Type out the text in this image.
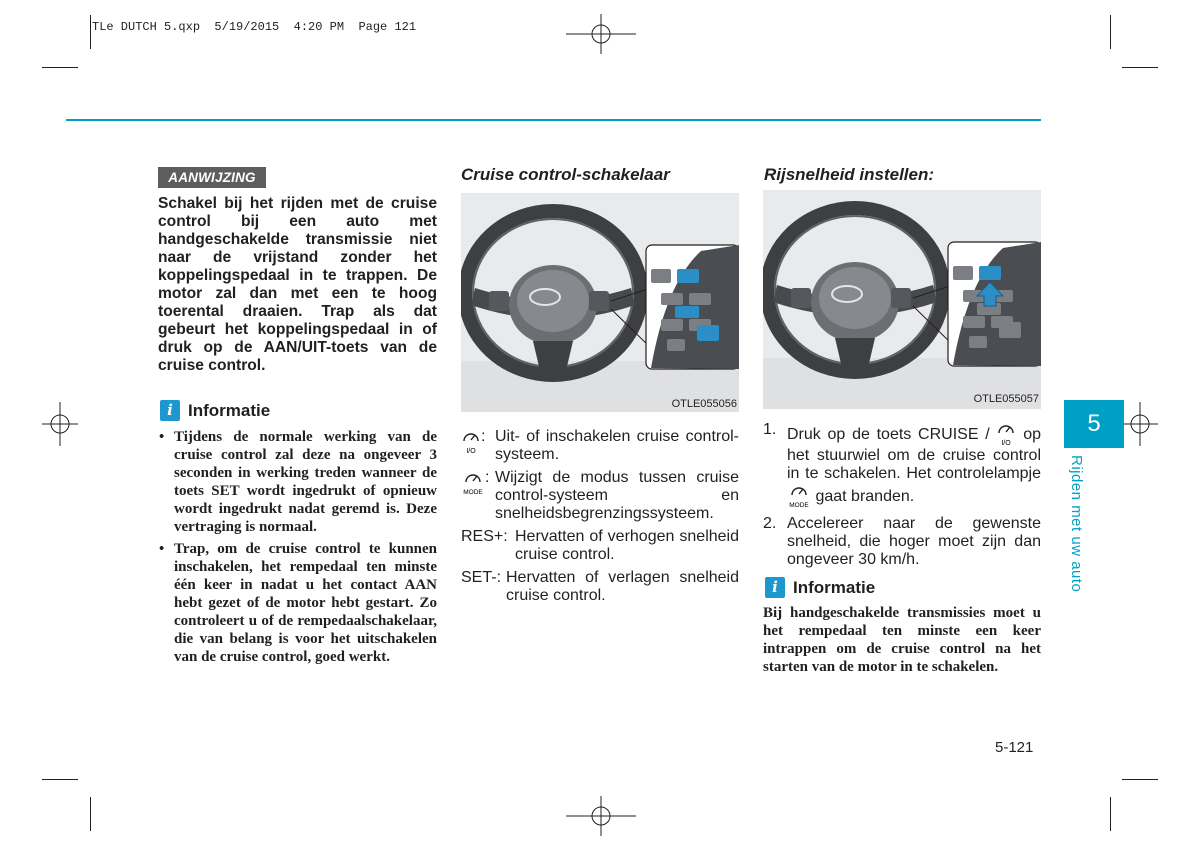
TLe DUTCH 5.qxp  5/19/2015  4:20 PM  Page 121
AANWIJZING
Schakel bij het rijden met de cruise control bij een auto met handgeschakelde transmissie niet naar de vrijstand zonder het koppelingspedaal in te trappen. De motor zal dan met een te hoog toerental draaien. Trap als dat gebeurt het koppelingspedaal in of druk op de AAN/UIT-toets van de cruise control.
i Informatie
• Tijdens de normale werking van de cruise control zal deze na ongeveer 3 seconden in werking treden wanneer de toets SET wordt ingedrukt of opnieuw wordt ingedrukt nadat geremd is. Deze vertraging is normaal.
• Trap, om de cruise control te kunnen inschakelen, het rempedaal ten minste één keer in nadat u het contact AAN hebt gezet of de motor hebt gestart. Zo controleert u of de rempedaalschakelaar, die van belang is voor het uitschakelen van de cruise control, goed werkt.
Cruise control-schakelaar
OTLE055056
I/O
: Uit- of inschakelen cruise control-systeem.
MODE
: Wijzigt de modus tussen cruise control-systeem en snelheidsbegrenzingssysteem.
RES+: Hervatten of verhogen snelheid cruise control.
SET-: Hervatten of verlagen snelheid cruise control.
Rijsnelheid instellen:
OTLE055057
1. Druk op de toets CRUISE /
I/O
op het stuurwiel om de cruise control in te schakelen. Het controlelampje
MODE
gaat branden.
2. Accelereer naar de gewenste snelheid, die hoger moet zijn dan ongeveer 30 km/h.
i Informatie
Bij handgeschakelde transmissies moet u het rempedaal ten minste een keer intrappen om de cruise control na het starten van de motor in te schakelen.
5
Rijden met uw auto
5-121
